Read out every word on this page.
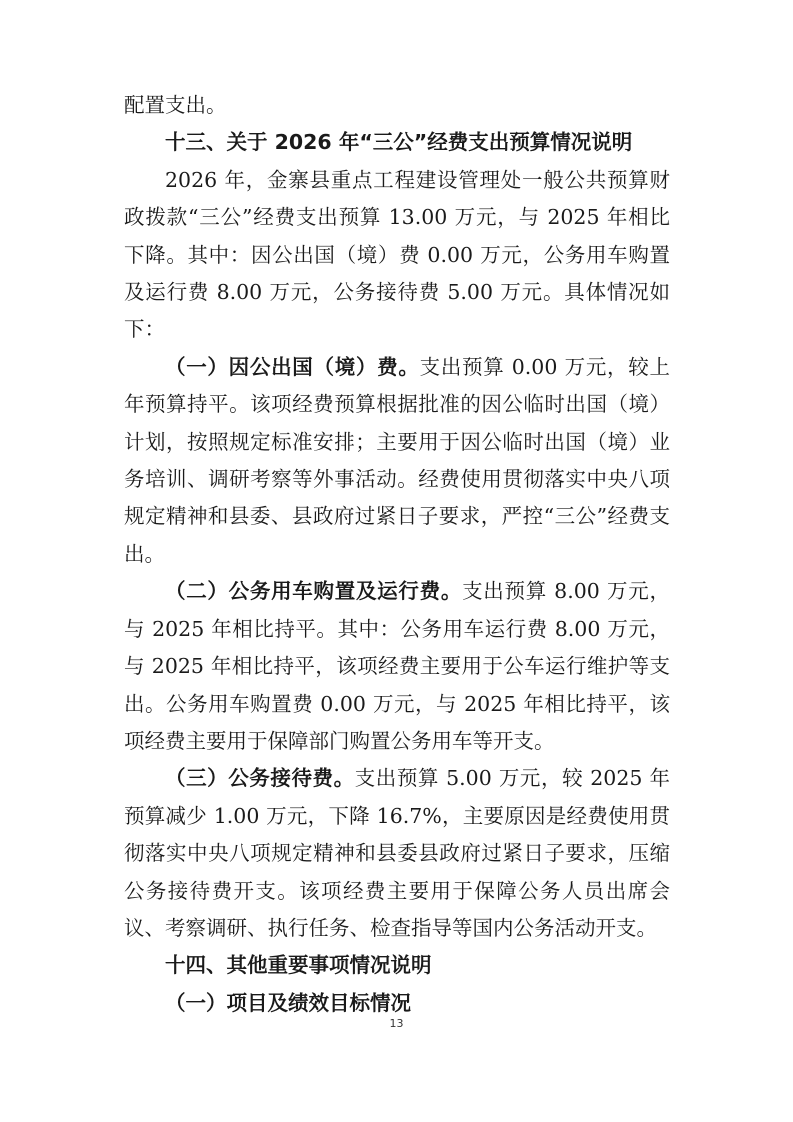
配置支出。

十三、关于 2026 年“三公”经费支出预算情况说明

2026 年，金寨县重点工程建设管理处一般公共预算财政拨款“三公”经费支出预算 13.00 万元，与 2025 年相比下降。其中：因公出国（境）费 0.00 万元，公务用车购置及运行费 8.00 万元，公务接待费 5.00 万元。具体情况如下：

（一）因公出国（境）费。支出预算 0.00 万元，较上年预算持平。该项经费预算根据批准的因公临时出国（境）计划，按照规定标准安排；主要用于因公临时出国（境）业务培训、调研考察等外事活动。经费使用贯彻落实中央八项规定精神和县委、县政府过紧日子要求，严控“三公”经费支出。

（二）公务用车购置及运行费。支出预算 8.00 万元，与 2025 年相比持平。其中：公务用车运行费 8.00 万元，与 2025 年相比持平，该项经费主要用于公车运行维护等支出。公务用车购置费 0.00 万元，与 2025 年相比持平，该项经费主要用于保障部门购置公务用车等开支。

（三）公务接待费。支出预算 5.00 万元，较 2025 年预算减少 1.00 万元，下降 16.7%，主要原因是经费使用贯彻落实中央八项规定精神和县委县政府过紧日子要求，压缩公务接待费开支。该项经费主要用于保障公务人员出席会议、考察调研、执行任务、检查指导等国内公务活动开支。

十四、其他重要事项情况说明

（一）项目及绩效目标情况

13
